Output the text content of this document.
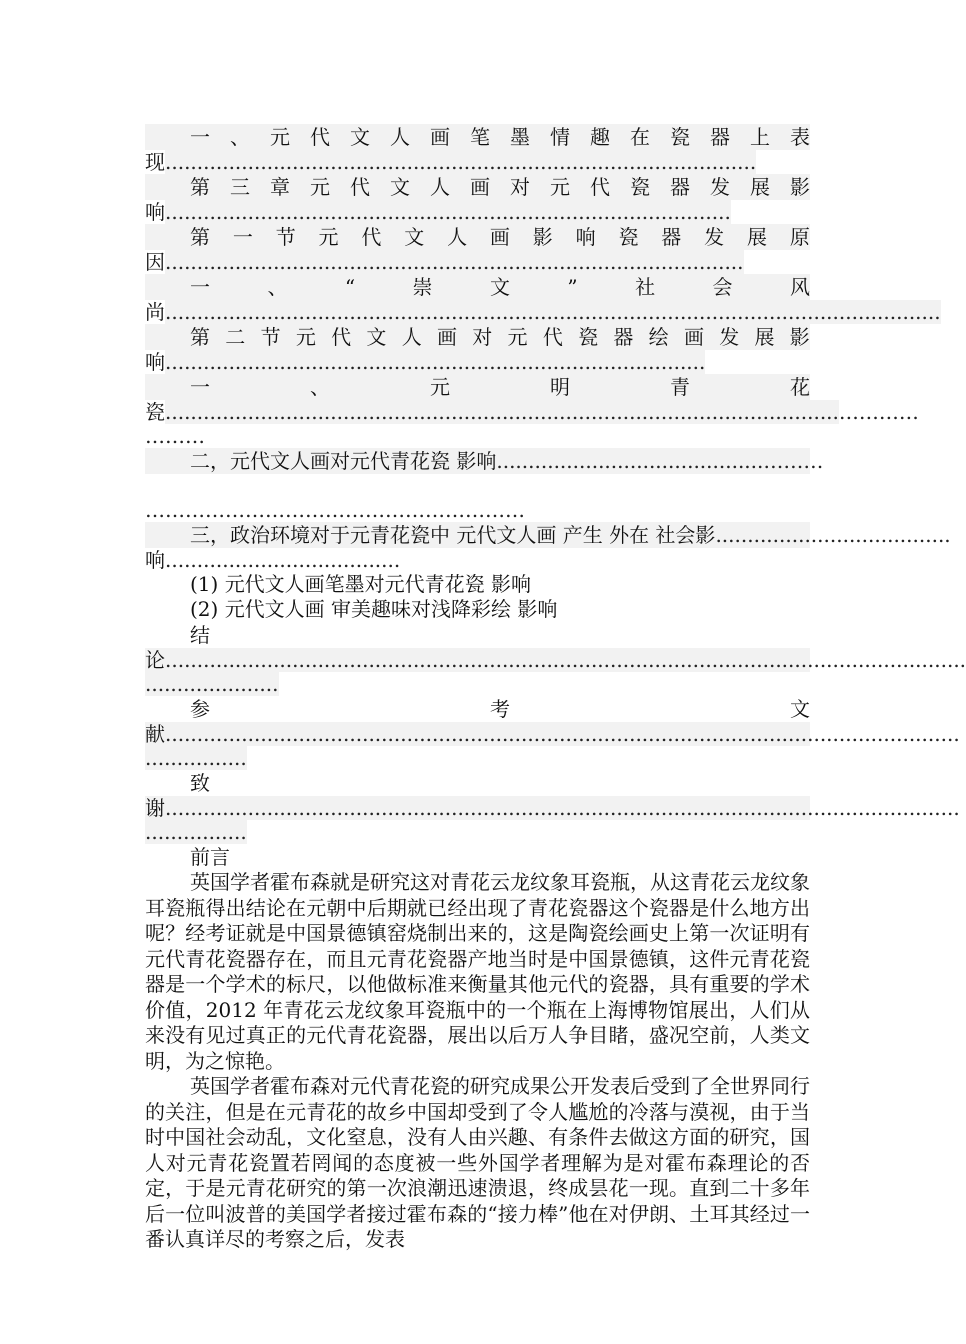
一 、 元 代 文 人 画 笔 墨 情 趣 在 瓷 器 上 表
现.............................................................................................
第 三 章 元 代 文 人 画 对 元 代 瓷 器 发 展 影
响.........................................................................................
第 一 节 元 代 文 人 画 影 响 瓷 器 发 展 原
因...........................................................................................
一	、	“	崇	文	”	社	会	风
尚..........................................................................................................................
第 二 节 元 代 文 人 画 对 元 代 瓷 器 绘 画 发 展 影
响.....................................................................................
一	、	元	明	青	花
瓷..........................................................................................................…………
………
二，元代文人画对元代青花瓷 影响 .......................................... ………
…………………………………………………
三，政治环境对于元青花瓷中 元代文人画 产生 外在 社会影 .....................................
响.....................................
(1) 元代文人画笔墨对元代青花瓷 影响
(2) 元代文人画 审美趣味对浅降彩绘 影响
结
论..............................................................................................................................
.....................
参	考	文
献.............................................................................................................................
................
致
谢.............................................................................................................................
................
前言

英国学者霍布森就是研究这对青花云龙纹象耳瓷瓶，从这青花云龙纹象耳瓷瓶得出结论在元朝中后期就已经出现了青花瓷器这个瓷器是什么地方出呢？经考证就是中国景德镇窑烧制出来的，这是陶瓷绘画史上第一次证明有元代青花瓷器存在，而且元青花瓷器产地当时是中国景德镇，这件元青花瓷器是一个学术的标尺，以他做标准来衡量其他元代的瓷器，具有重要的学术价值，2012 年青花云龙纹象耳瓷瓶中的一个瓶在上海博物馆展出，人们从来没有见过真正的元代青花瓷器，展出以后万人争目睹，盛况空前，人类文明，为之惊艳。

英国学者霍布森对元代青花瓷的研究成果公开发表后受到了全世界同行的关注，但是在元青花的故乡中国却受到了令人尴尬的冷落与漠视，由于当时中国社会动乱，文化窒息，没有人由兴趣、有条件去做这方面的研究，国人对元青花瓷置若罔闻的态度被一些外国学者理解为是对霍布森理论的否定，于是元青花研究的第一次浪潮迅速溃退，终成昙花一现。直到二十多年后一位叫波普的美国学者接过霍布森的“接力棒”他在对伊朗、土耳其经过一番认真详尽的考察之后，发表
